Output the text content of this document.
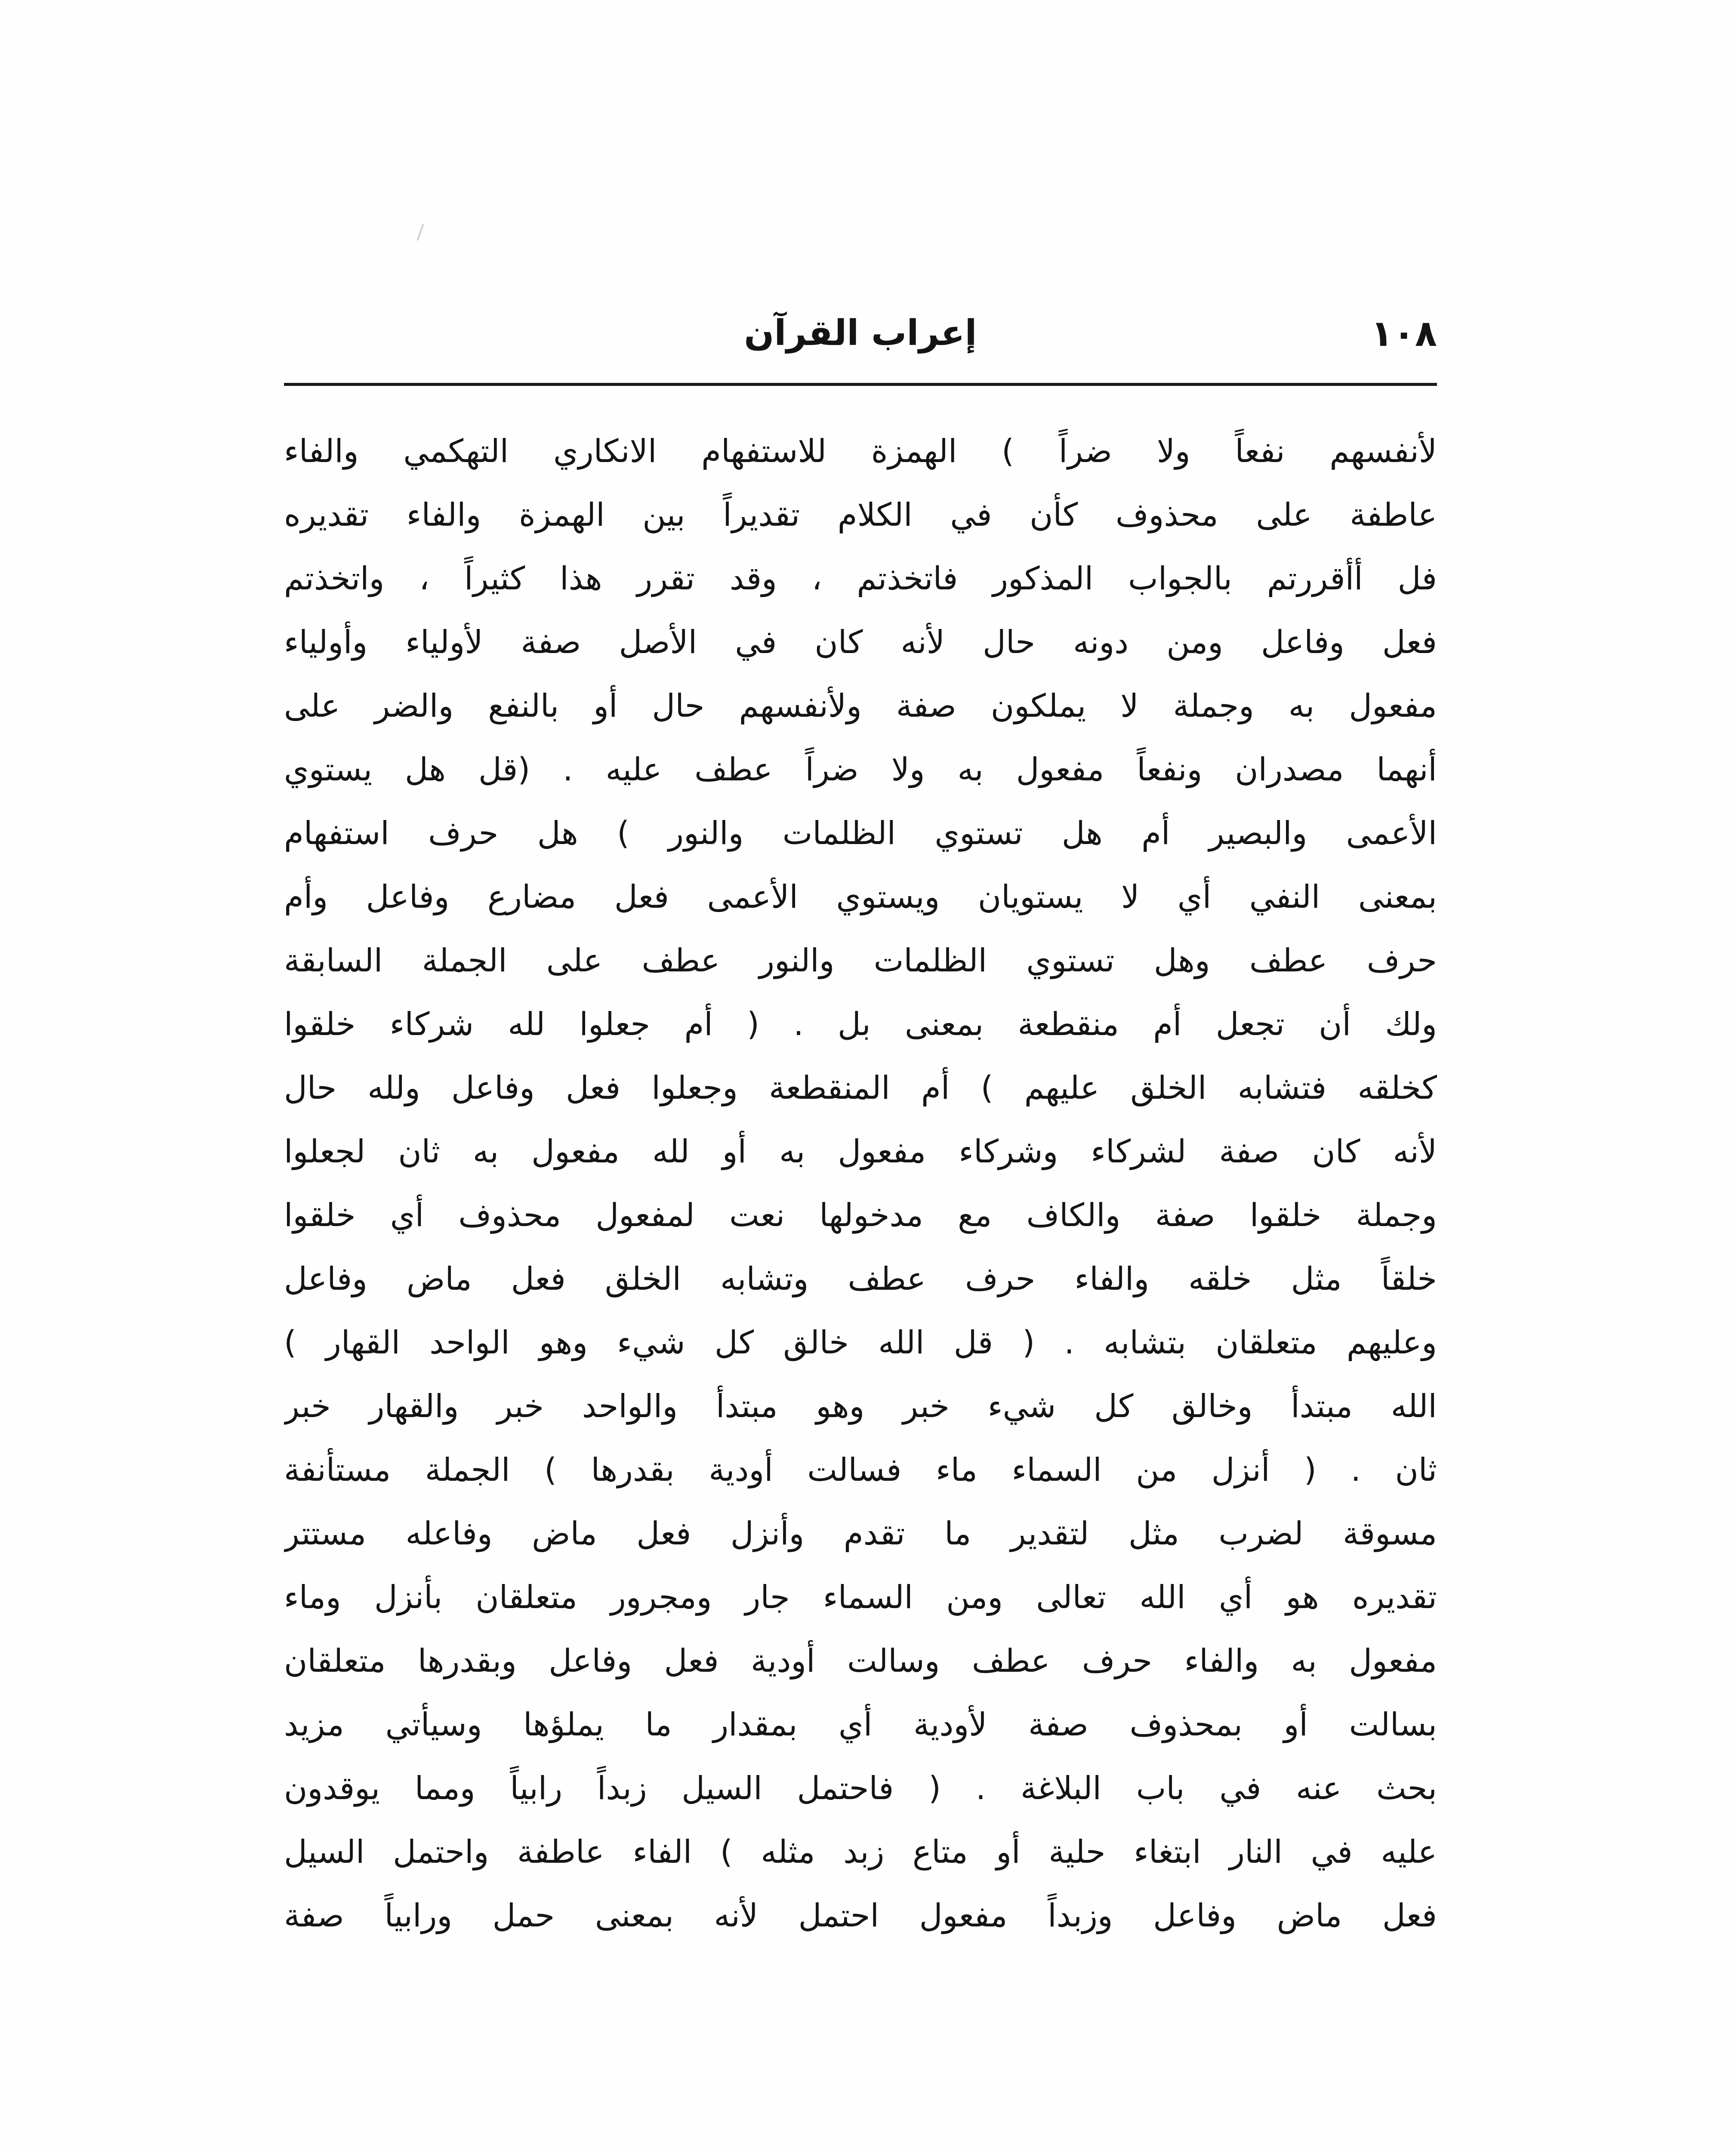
١٠٨
إعراب القرآن
لأنفسهم نفعاً ولا ضراً ) الهمزة للاستفهام الانكاري التهكمي والفاء
عاطفة على محذوف كأن في الكلام تقديراً بين الهمزة والفاء تقديره
فل أأقررتم بالجواب المذكور فاتخذتم ، وقد تقرر هذا كثيراً ، واتخذتم
فعل وفاعل ومن دونه حال لأنه كان في الأصل صفة لأولياء وأولياء
مفعول به وجملة لا يملكون صفة ولأنفسهم حال أو بالنفع والضر على
أنهما مصدران ونفعاً مفعول به ولا ضراً عطف عليه . (قل هل يستوي
الأعمى والبصير أم هل تستوي الظلمات والنور ) هل حرف استفهام
بمعنى النفي أي لا يستويان ويستوي الأعمى فعل مضارع وفاعل وأم
حرف عطف وهل تستوي الظلمات والنور عطف على الجملة السابقة
ولك أن تجعل أم منقطعة بمعنى بل . ( أم جعلوا لله شركاء خلقوا
كخلقه فتشابه الخلق عليهم ) أم المنقطعة وجعلوا فعل وفاعل ولله حال
لأنه كان صفة لشركاء وشركاء مفعول به أو لله مفعول به ثان لجعلوا
وجملة خلقوا صفة والكاف مع مدخولها نعت لمفعول محذوف أي خلقوا
خلقاً مثل خلقه والفاء حرف عطف وتشابه الخلق فعل ماض وفاعل
وعليهم متعلقان بتشابه . ( قل الله خالق كل شيء وهو الواحد القهار )
الله مبتدأ وخالق كل شيء خبر وهو مبتدأ والواحد خبر والقهار خبر
ثان . ( أنزل من السماء ماء فسالت أودية بقدرها ) الجملة مستأنفة
مسوقة لضرب مثل لتقدير ما تقدم وأنزل فعل ماض وفاعله مستتر
تقديره هو أي الله تعالى ومن السماء جار ومجرور متعلقان بأنزل وماء
مفعول به والفاء حرف عطف وسالت أودية فعل وفاعل وبقدرها متعلقان
بسالت أو بمحذوف صفة لأودية أي بمقدار ما يملؤها وسيأتي مزيد
بحث عنه في باب البلاغة . ( فاحتمل السيل زبداً رابياً ومما يوقدون
عليه في النار ابتغاء حلية أو متاع زبد مثله ) الفاء عاطفة واحتمل السيل
فعل ماض وفاعل وزبداً مفعول احتمل لأنه بمعنى حمل ورابياً صفة
